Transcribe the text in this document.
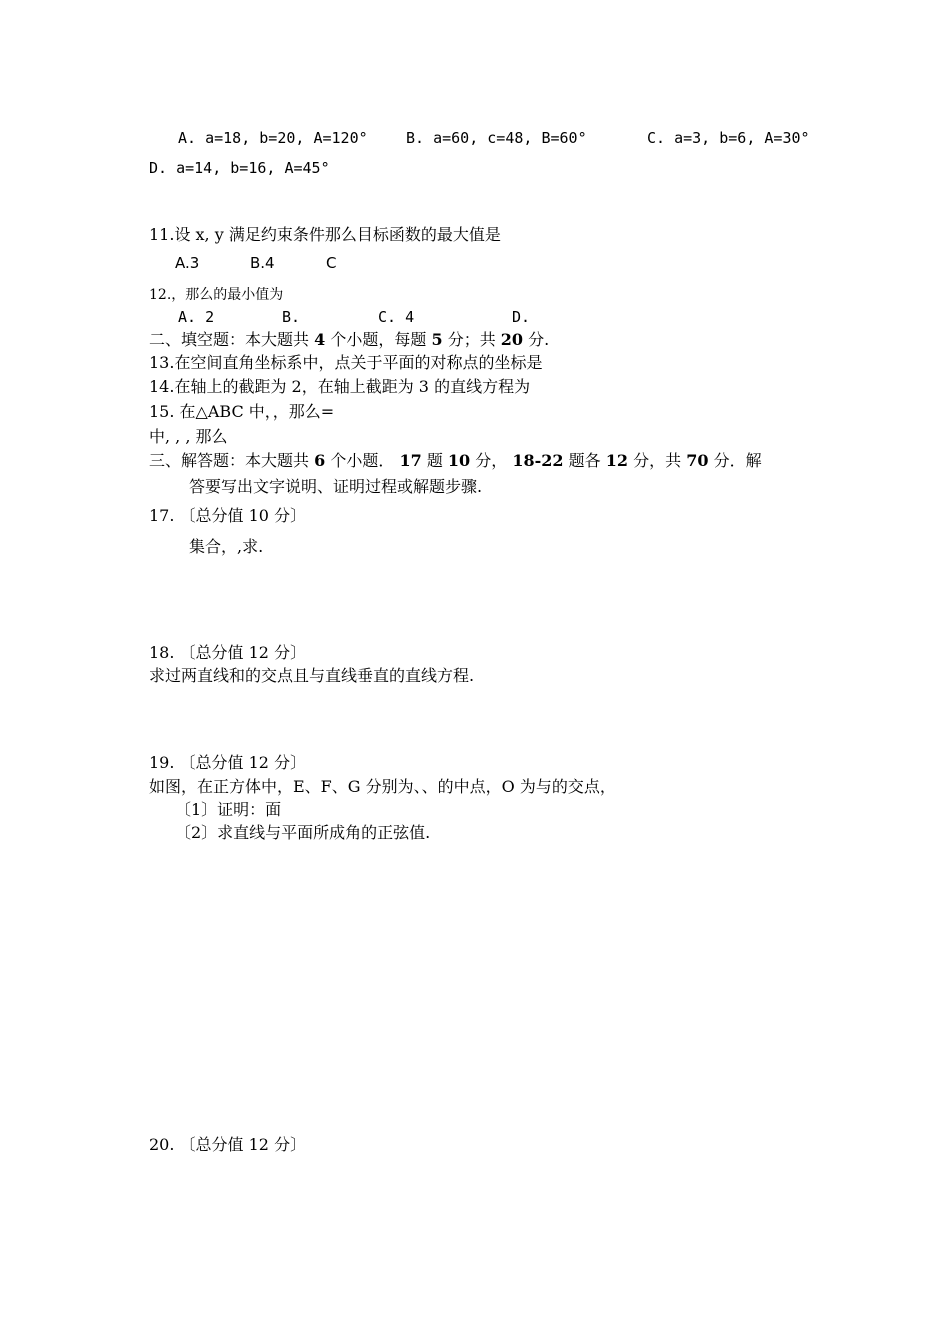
A. a=18, b=20, A=120°	B. a=60, c=48, B=60°	C. a=3, b=6, A=30°
D. a=14, b=16, A=45°
11.设 x, y 满足约束条件那么目标函数的最大值是
A.3	B.4	C
12.，那么的最小值为
A. 2	B.	C. 4	D.
二、填空题：本大题共 4 个小题，每题 5 分；共 20 分.
13.在空间直角坐标系中，点关于平面的对称点的坐标是
14.在轴上的截距为 2，在轴上截距为 3 的直线方程为
15. 在△ABC 中，，那么=
中, , , 那么
三、解答题：本大题共 6 个小题． 17 题 10 分， 18-22 题各 12 分，共 70 分．解
答要写出文字说明、证明过程或解题步骤.
17. 〔总分值 10 分〕
集合，,求.
18. 〔总分值 12 分〕
求过两直线和的交点且与直线垂直的直线方程.
19. 〔总分值 12 分〕
如图，在正方体中，E、F、G 分别为、、的中点，O 为与的交点，
〔1〕证明：面
〔2〕求直线与平面所成角的正弦值.
20. 〔总分值 12 分〕
